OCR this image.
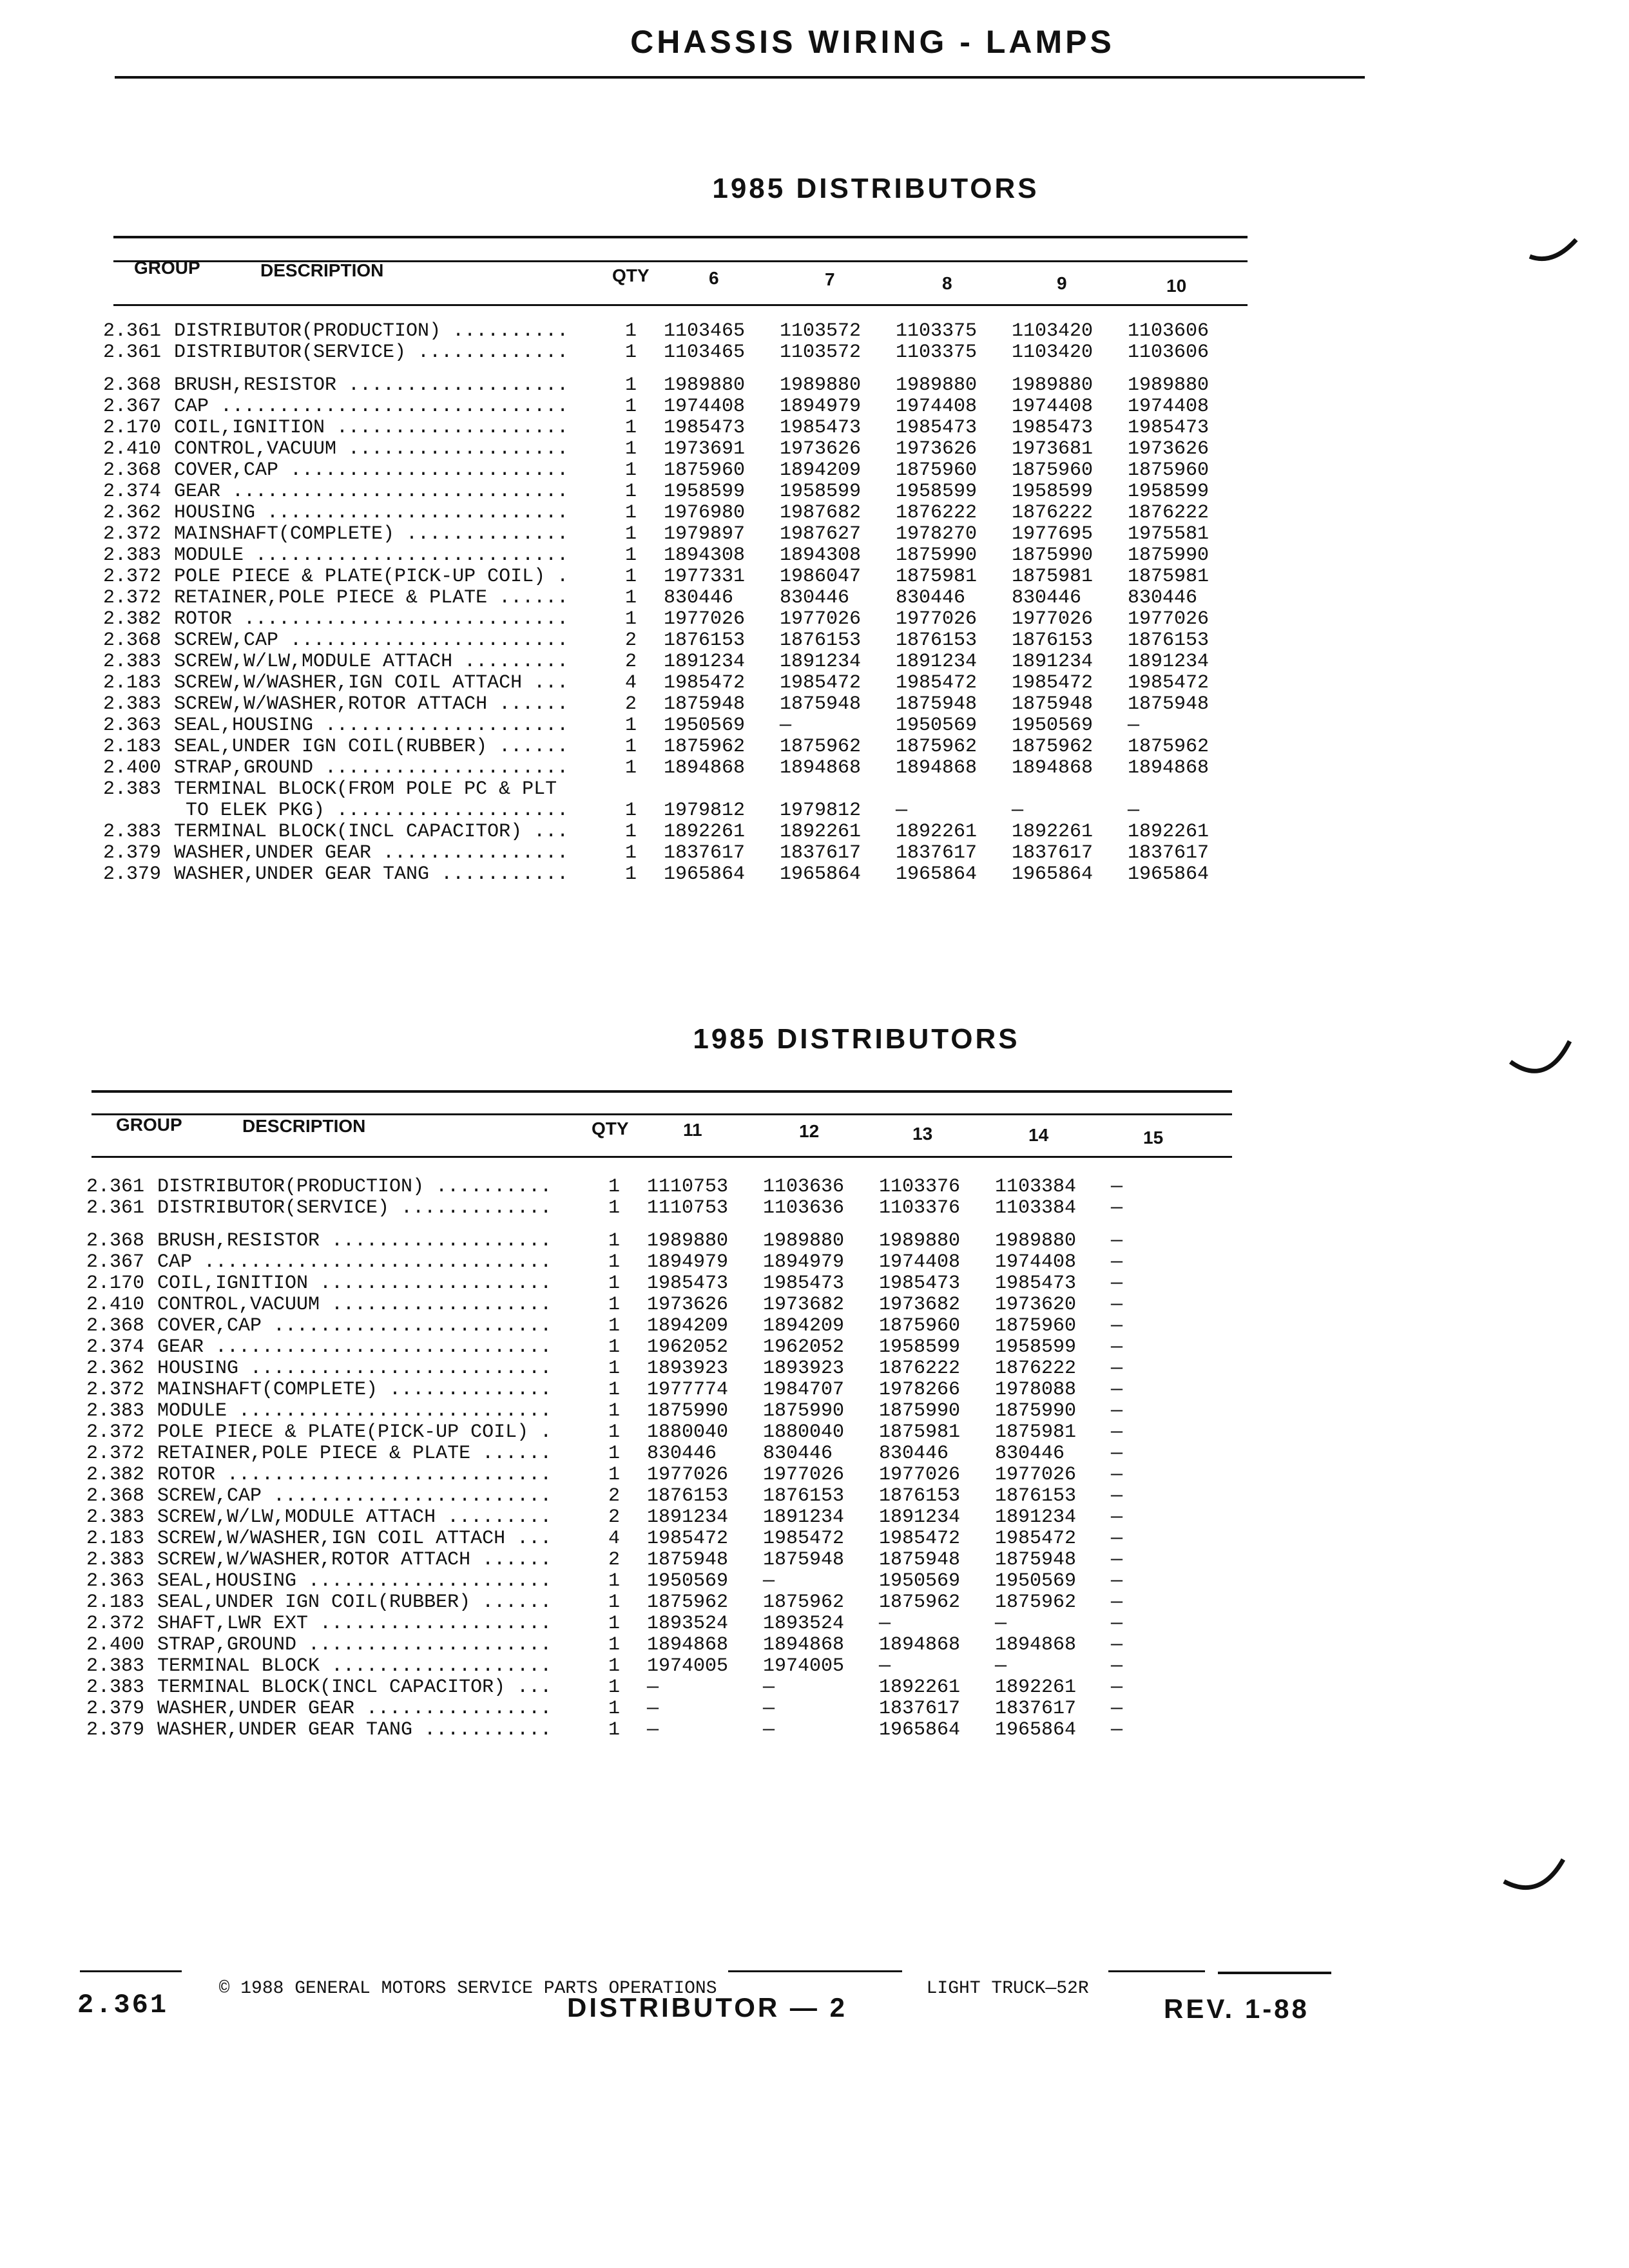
CHASSIS WIRING - LAMPS
1985 DISTRIBUTORS
GROUP	DESCRIPTION	QTY	6	7	8	9	10
2.361 DISTRIBUTOR(PRODUCTION) ..........	1 1103465	1103572	1103375	1103420	1103606
2.361 DISTRIBUTOR(SERVICE) .............	1 1103465	1103572	1103375	1103420	1103606
2.368 BRUSH,RESISTOR ...................	1 1989880	1989880	1989880	1989880	1989880
2.367 CAP ..............................	1 1974408	1894979	1974408	1974408	1974408
2.170 COIL,IGNITION ....................	1 1985473	1985473	1985473	1985473	1985473
2.410 CONTROL,VACUUM ...................	1 1973691	1973626	1973626	1973681	1973626
2.368 COVER,CAP ........................	1 1875960	1894209	1875960	1875960	1875960
2.374 GEAR .............................	1 1958599	1958599	1958599	1958599	1958599
2.362 HOUSING ..........................	1 1976980	1987682	1876222	1876222	1876222
2.372 MAINSHAFT(COMPLETE) ..............	1 1979897	1987627	1978270	1977695	1975581
2.383 MODULE ...........................	1 1894308	1894308	1875990	1875990	1875990
2.372 POLE PIECE & PLATE(PICK-UP COIL) .	1 1977331	1986047	1875981	1875981	1875981
2.372 RETAINER,POLE PIECE & PLATE ......	1 830446	830446	830446	830446	830446
2.382 ROTOR ............................	1 1977026	1977026	1977026	1977026	1977026
2.368 SCREW,CAP ........................	2 1876153	1876153	1876153	1876153	1876153
2.383 SCREW,W/LW,MODULE ATTACH .........	2 1891234	1891234	1891234	1891234	1891234
2.183 SCREW,W/WASHER,IGN COIL ATTACH ...	4 1985472	1985472	1985472	1985472	1985472
2.383 SCREW,W/WASHER,ROTOR ATTACH ......	2 1875948	1875948	1875948	1875948	1875948
2.363 SEAL,HOUSING .....................	1 1950569	—	1950569	1950569	—
2.183 SEAL,UNDER IGN COIL(RUBBER) ......	1 1875962	1875962	1875962	1875962	1875962
2.400 STRAP,GROUND .....................	1 1894868	1894868	1894868	1894868	1894868
2.383 TERMINAL BLOCK(FROM POLE PC & PLT
TO ELEK PKG) ....................	1 1979812	1979812	—	—	—
2.383 TERMINAL BLOCK(INCL CAPACITOR) ...	1 1892261	1892261	1892261	1892261	1892261
2.379 WASHER,UNDER GEAR ................	1 1837617	1837617	1837617	1837617	1837617
2.379 WASHER,UNDER GEAR TANG ...........	1 1965864	1965864	1965864	1965864	1965864
1985 DISTRIBUTORS
GROUP	DESCRIPTION	QTY	11	12	13	14	15
2.361 DISTRIBUTOR(PRODUCTION) ..........	1 1110753	1103636	1103376	1103384	—
2.361 DISTRIBUTOR(SERVICE) .............	1 1110753	1103636	1103376	1103384	—
2.368 BRUSH,RESISTOR ...................	1 1989880	1989880	1989880	1989880	—
2.367 CAP ..............................	1 1894979	1894979	1974408	1974408	—
2.170 COIL,IGNITION ....................	1 1985473	1985473	1985473	1985473	—
2.410 CONTROL,VACUUM ...................	1 1973626	1973682	1973682	1973620	—
2.368 COVER,CAP ........................	1 1894209	1894209	1875960	1875960	—
2.374 GEAR .............................	1 1962052	1962052	1958599	1958599	—
2.362 HOUSING ..........................	1 1893923	1893923	1876222	1876222	—
2.372 MAINSHAFT(COMPLETE) ..............	1 1977774	1984707	1978266	1978088	—
2.383 MODULE ...........................	1 1875990	1875990	1875990	1875990	—
2.372 POLE PIECE & PLATE(PICK-UP COIL) .	1 1880040	1880040	1875981	1875981	—
2.372 RETAINER,POLE PIECE & PLATE ......	1 830446	830446	830446	830446	—
2.382 ROTOR ............................	1 1977026	1977026	1977026	1977026	—
2.368 SCREW,CAP ........................	2 1876153	1876153	1876153	1876153	—
2.383 SCREW,W/LW,MODULE ATTACH .........	2 1891234	1891234	1891234	1891234	—
2.183 SCREW,W/WASHER,IGN COIL ATTACH ...	4 1985472	1985472	1985472	1985472	—
2.383 SCREW,W/WASHER,ROTOR ATTACH ......	2 1875948	1875948	1875948	1875948	—
2.363 SEAL,HOUSING .....................	1 1950569	—	1950569	1950569	—
2.183 SEAL,UNDER IGN COIL(RUBBER) ......	1 1875962	1875962	1875962	1875962	—
2.372 SHAFT,LWR EXT ....................	1 1893524	1893524	—	—	—
2.400 STRAP,GROUND .....................	1 1894868	1894868	1894868	1894868	—
2.383 TERMINAL BLOCK ...................	1 1974005	1974005	—	—	—
2.383 TERMINAL BLOCK(INCL CAPACITOR) ...	1 —	—	1892261	1892261	—
2.379 WASHER,UNDER GEAR ................	1 —	—	1837617	1837617	—
2.379 WASHER,UNDER GEAR TANG ...........	1 —	—	1965864	1965864	—

© 1988 GENERAL MOTORS SERVICE PARTS OPERATIONS	LIGHT TRUCK—52R

2.361	DISTRIBUTOR — 2	REV. 1-88
